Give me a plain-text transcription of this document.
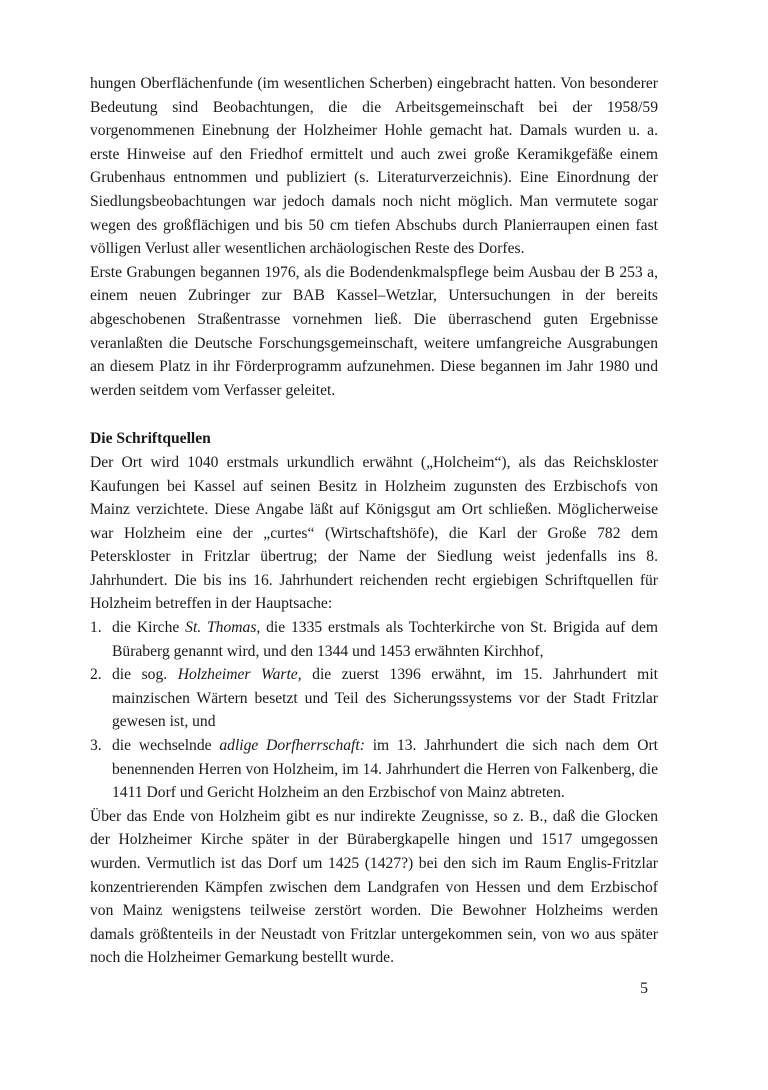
hungen Oberflächenfunde (im wesentlichen Scherben) eingebracht hatten. Von besonderer Bedeutung sind Beobachtungen, die die Arbeitsgemeinschaft bei der 1958/59 vorgenommenen Einebnung der Holzheimer Hohle gemacht hat. Damals wurden u. a. erste Hinweise auf den Friedhof ermittelt und auch zwei große Keramikgefäße einem Grubenhaus entnommen und publiziert (s. Literaturverzeichnis). Eine Einordnung der Siedlungsbeobachtungen war jedoch damals noch nicht möglich. Man vermutete sogar wegen des großflächigen und bis 50 cm tiefen Abschubs durch Planierraupen einen fast völligen Verlust aller wesentlichen archäologischen Reste des Dorfes.

Erste Grabungen begannen 1976, als die Bodendenkmalspflege beim Ausbau der B 253 a, einem neuen Zubringer zur BAB Kassel–Wetzlar, Untersuchungen in der bereits abgeschobenen Straßentrasse vornehmen ließ. Die überraschend guten Ergebnisse veranlaßten die Deutsche Forschungsgemeinschaft, weitere umfangreiche Ausgrabungen an diesem Platz in ihr Förderprogramm aufzunehmen. Diese begannen im Jahr 1980 und werden seitdem vom Verfasser geleitet.

Die Schriftquellen

Der Ort wird 1040 erstmals urkundlich erwähnt („Holcheim“), als das Reichskloster Kaufungen bei Kassel auf seinen Besitz in Holzheim zugunsten des Erzbischofs von Mainz verzichtete. Diese Angabe läßt auf Königsgut am Ort schließen. Möglicherweise war Holzheim eine der „curtes“ (Wirtschaftshöfe), die Karl der Große 782 dem Peterskloster in Fritzlar übertrug; der Name der Siedlung weist jedenfalls ins 8. Jahrhundert. Die bis ins 16. Jahrhundert reichenden recht ergiebigen Schriftquellen für Holzheim betreffen in der Hauptsache:

1. die Kirche St. Thomas, die 1335 erstmals als Tochterkirche von St. Brigida auf dem Büraberg genannt wird, und den 1344 und 1453 erwähnten Kirchhof,
2. die sog. Holzheimer Warte, die zuerst 1396 erwähnt, im 15. Jahrhundert mit mainzischen Wärtern besetzt und Teil des Sicherungssystems vor der Stadt Fritzlar gewesen ist, und
3. die wechselnde adlige Dorfherrschaft: im 13. Jahrhundert die sich nach dem Ort benennenden Herren von Holzheim, im 14. Jahrhundert die Herren von Falkenberg, die 1411 Dorf und Gericht Holzheim an den Erzbischof von Mainz abtreten.

Über das Ende von Holzheim gibt es nur indirekte Zeugnisse, so z. B., daß die Glocken der Holzheimer Kirche später in der Bürabergkapelle hingen und 1517 umgegossen wurden. Vermutlich ist das Dorf um 1425 (1427?) bei den sich im Raum Englis-Fritzlar konzentrierenden Kämpfen zwischen dem Landgrafen von Hessen und dem Erzbischof von Mainz wenigstens teilweise zerstört worden. Die Bewohner Holzheims werden damals größtenteils in der Neustadt von Fritzlar untergekommen sein, von wo aus später noch die Holzheimer Gemarkung bestellt wurde.

5
